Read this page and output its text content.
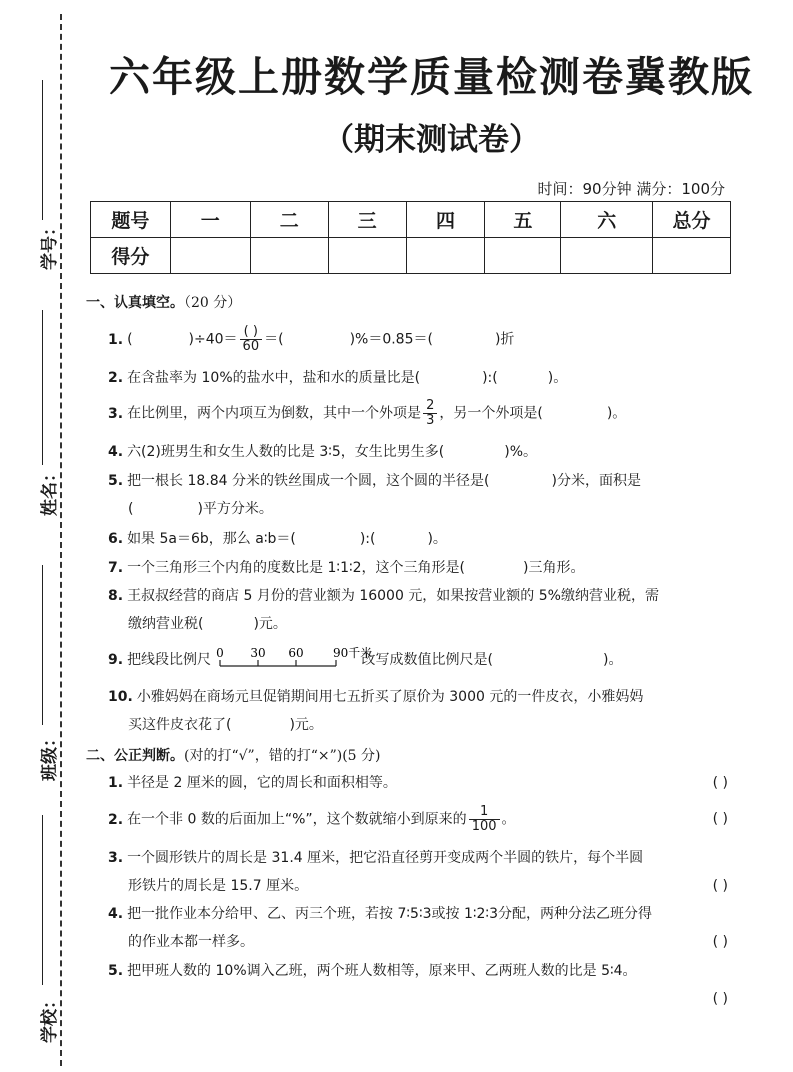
学号：
姓名：
班级：
学校：
六年级上册数学质量检测卷冀教版
（期末测试卷）
时间：90分钟 满分：100分
题号	一	二	三	四	五	六	总分
得分							
一、认真填空。（20 分）
1. (	)$\div 40= \frac{( )}{60}$ ＝(	)%＝0.85＝(	)折
2. 在含盐率为 10%的盐水中，盐和水的质量比是(	):(	)。
3. 在比例里，两个内项互为倒数，其中一个外项是 $\frac{2}{3}$ ，另一个外项是(	)。
4. 六(2)班男生和女生人数的比是 3∶5，女生比男生多(	)%。
5. 把一根长 18.84 分米的铁丝围成一个圆，这个圆的半径是(	)分米，面积是
(	)平方分米。
6. 如果 5a＝6b，那么 a∶b＝(	):(	)。
7. 一个三角形三个内角的度数比是 1∶1∶2，这个三角形是(	)三角形。
8. 王叔叔经营的商店 5 月份的营业额为 16000 元，如果按营业额的 5%缴纳营业税，需
缴纳营业税(	)元。
9. 把线段比例尺 0 30 60 90千米
改写成数值比例尺是(	)。
10. 小雅妈妈在商场元旦促销期间用七五折买了原价为 3000 元的一件皮衣，小雅妈妈
买这件皮衣花了(	)元。
二、公正判断。(对的打“√”，错的打“×”)(5 分)
1. 半径是 2 厘米的圆，它的周长和面积相等。	( )
2. 在一个非 0 数的后面加上“%”，这个数就缩小到原来的 $\frac{1}{100}$ 。	( )
3. 一个圆形铁片的周长是 31.4 厘米，把它沿直径剪开变成两个半圆的铁片，每个半圆
形铁片的周长是 15.7 厘米。	( )
4. 把一批作业本分给甲、乙、丙三个班，若按 7∶5∶3或按 1∶2∶3分配，两种分法乙班分得
的作业本都一样多。	( )
5. 把甲班人数的 10%调入乙班，两个班人数相等，原来甲、乙两班人数的比是 5∶4。
( )
